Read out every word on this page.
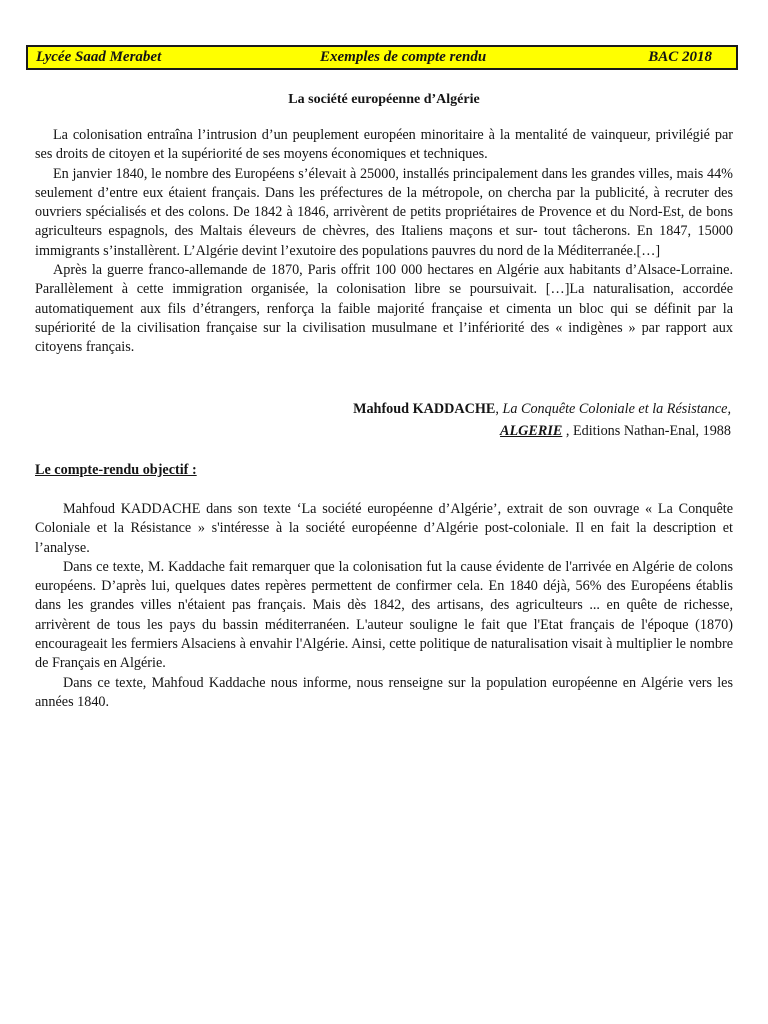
Lycée Saad Merabet	Exemples de compte rendu	BAC 2018
La société européenne d’Algérie

La colonisation entraîna l’intrusion d’un peuplement européen minoritaire à la mentalité de vainqueur, privilégié par ses droits de citoyen et la supériorité de ses moyens économiques et techniques.

En janvier 1840, le nombre des Européens s’élevait à 25000, installés principalement dans les grandes villes, mais 44% seulement d’entre eux étaient français. Dans les préfectures de la métropole, on chercha par la publicité, à recruter des ouvriers spécialisés et des colons. De 1842 à 1846, arrivèrent de petits propriétaires de Provence et du Nord-Est, de bons agriculteurs espagnols, des Maltais éleveurs de chèvres, des Italiens maçons et sur- tout tâcherons. En 1847, 15000 immigrants s’installèrent. L’Algérie devint l’exutoire des populations pauvres du nord de la Méditerranée.[…]

Après la guerre franco-allemande de 1870, Paris offrit 100 000 hectares en Algérie aux habitants d’Alsace-Lorraine. Parallèlement à cette immigration organisée, la colonisation libre se poursuivait. […]La naturalisation, accordée automatiquement aux fils d’étrangers, renforça la faible majorité française et cimenta un bloc qui se définit par la supériorité de la civilisation française sur la civilisation musulmane et l’infériorité des « indigènes » par rapport aux citoyens français.

Mahfoud KADDACHE, La Conquête Coloniale et la Résistance,
ALGERIE , Editions Nathan-Enal, 1988
Le compte-rendu objectif :

Mahfoud KADDACHE dans son texte ‘La société européenne d’Algérie’, extrait de son ouvrage « La Conquête Coloniale et la Résistance » s'intéresse à la société européenne d’Algérie post-coloniale. Il en fait la description et l’analyse.

Dans ce texte, M. Kaddache fait remarquer que la colonisation fut la cause évidente de l'arrivée en Algérie de colons européens. D’après lui, quelques dates repères permettent de confirmer cela. En 1840 déjà, 56% des Européens établis dans les grandes villes n'étaient pas français. Mais dès 1842, des artisans, des agriculteurs ... en quête de richesse, arrivèrent de tous les pays du bassin méditerranéen. L'auteur souligne le fait que l'Etat français de l'époque (1870) encourageait les fermiers Alsaciens à envahir l'Algérie. Ainsi, cette politique de naturalisation visait à multiplier le nombre de Français en Algérie.

Dans ce texte, Mahfoud Kaddache nous informe, nous renseigne sur la population européenne en Algérie vers les années 1840.
